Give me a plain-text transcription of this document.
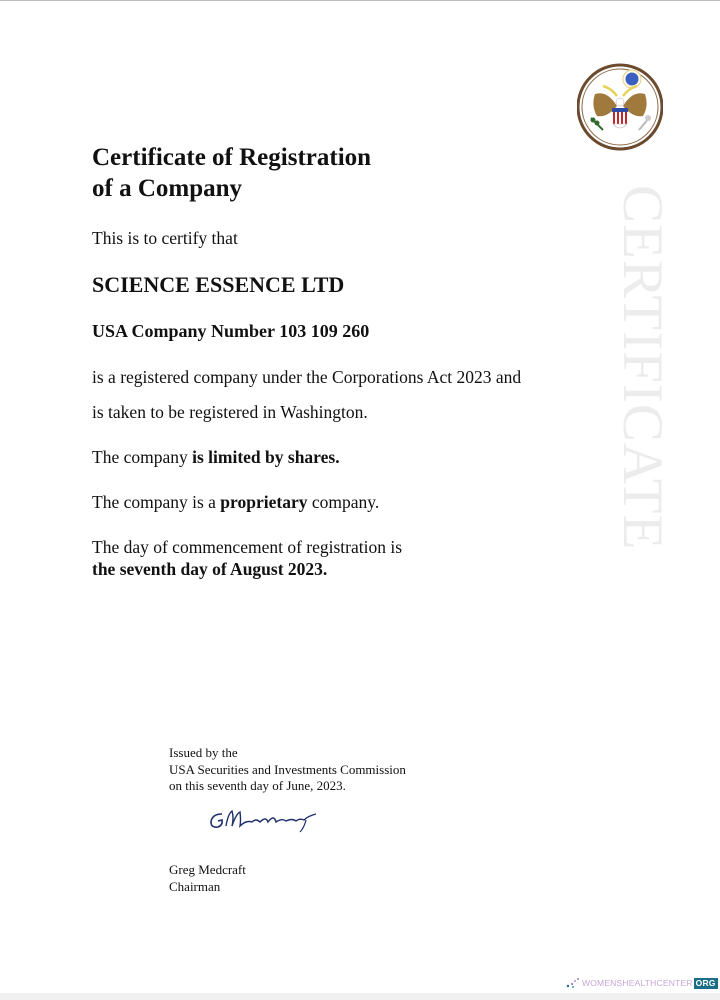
CERTIFICATE
Certificate of Registration
of a Company

This is to certify that

SCIENCE ESSENCE LTD

USA Company Number 103 109 260

is a registered company under the Corporations Act 2023 and

is taken to be registered in Washington.

The company is limited by shares.

The company is a proprietary company.

The day of commencement of registration is

the seventh day of August 2023.

Issued by the
USA Securities and Investments Commission
on this seventh day of June, 2023.
Greg Medcraft
Chairman
WOMENSHEALTHCENTER ORG
